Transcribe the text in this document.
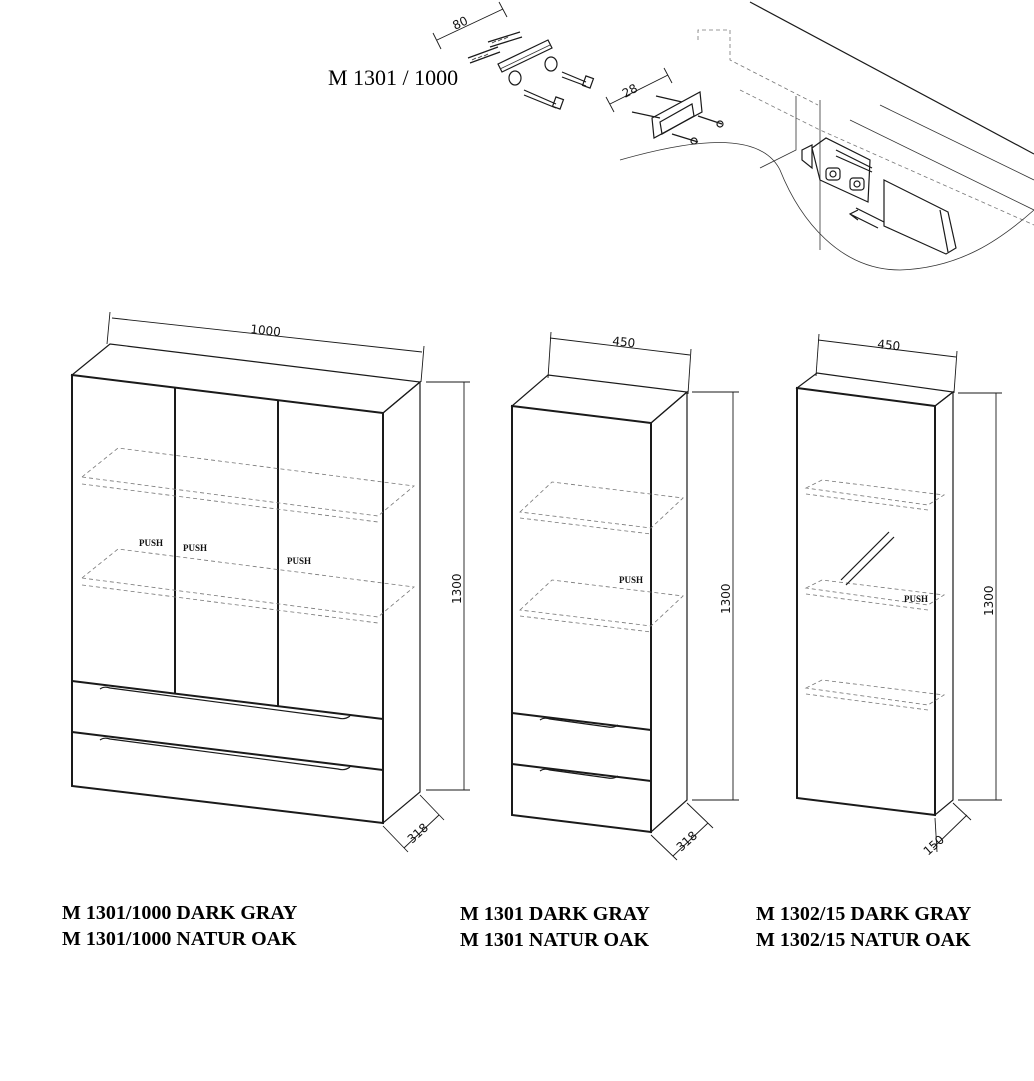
M 1301 / 1000
80
28
1000
PUSH PUSH
PUSH
1300
318
450
PUSH
1300
318
450
PUSH	1300
150
M 1301/1000 DARK GRAY
M 1301/1000 NATUR OAK
M 1301 DARK GRAY
M 1301 NATUR OAK
M 1302/15 DARK GRAY
M 1302/15 NATUR OAK
